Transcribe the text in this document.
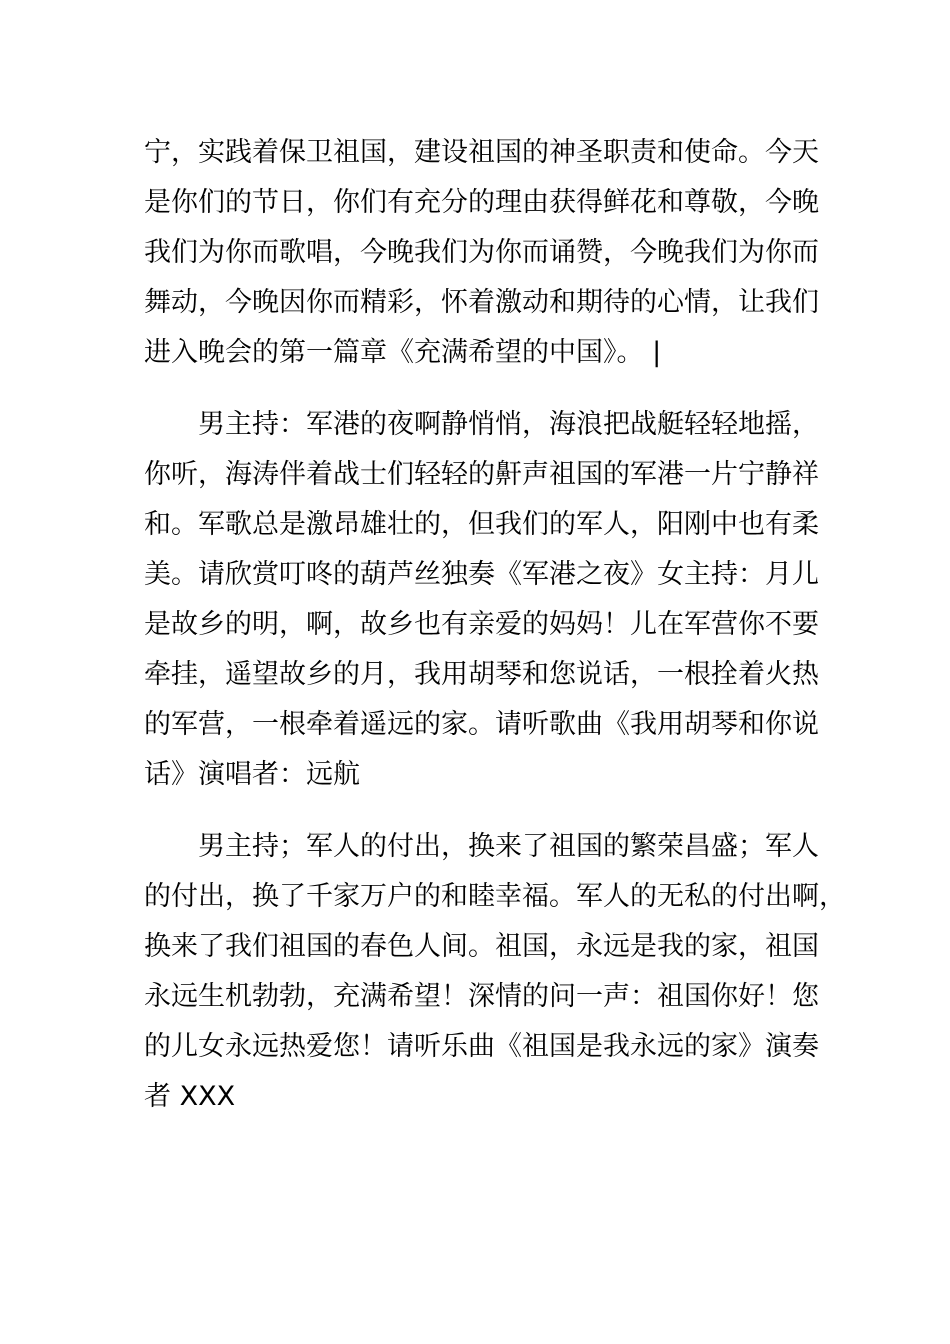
宁，实践着保卫祖国，建设祖国的神圣职责和使命。今天
是你们的节日，你们有充分的理由获得鲜花和尊敬，今晚
我们为你而歌唱，今晚我们为你而诵赞，今晚我们为你而
舞动，今晚因你而精彩，怀着激动和期待的心情，让我们
进入晚会的第一篇章《充满希望的中国》。 |
男主持：军港的夜啊静悄悄，海浪把战艇轻轻地摇，
你听，海涛伴着战士们轻轻的鼾声祖国的军港一片宁静祥
和。军歌总是激昂雄壮的，但我们的军人，阳刚中也有柔
美。请欣赏叮咚的葫芦丝独奏《军港之夜》女主持：月儿
是故乡的明，啊，故乡也有亲爱的妈妈！儿在军营你不要
牵挂，遥望故乡的月，我用胡琴和您说话，一根拴着火热
的军营，一根牵着遥远的家。请听歌曲《我用胡琴和你说
话》演唱者：远航
男主持；军人的付出，换来了祖国的繁荣昌盛；军人
的付出，换了千家万户的和睦幸福。军人的无私的付出啊，
换来了我们祖国的春色人间。祖国，永远是我的家，祖国
永远生机勃勃，充满希望！深情的问一声：祖国你好！您
的儿女永远热爱您！请听乐曲《祖国是我永远的家》演奏
者 XXX
